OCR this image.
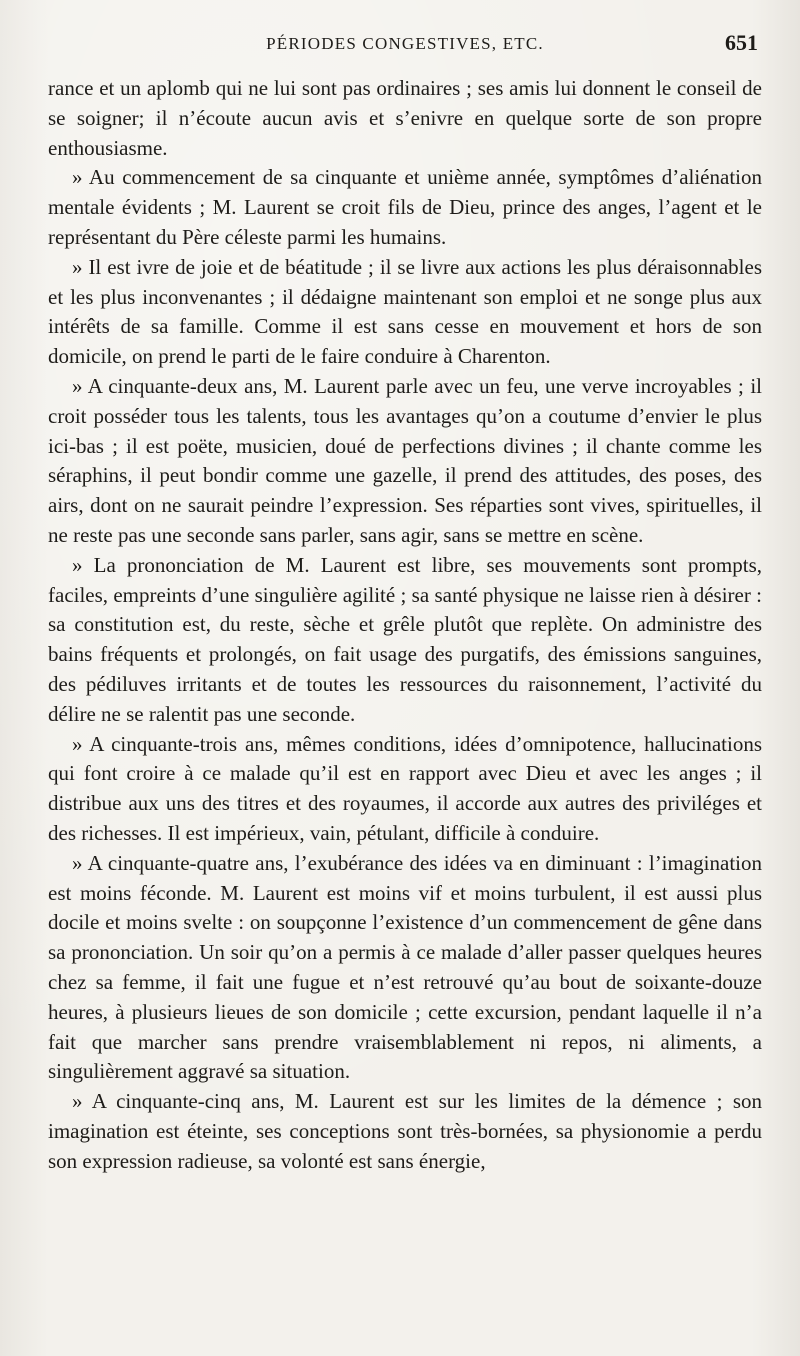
PÉRIODES CONGESTIVES, ETC.	651

rance et un aplomb qui ne lui sont pas ordinaires ; ses amis lui donnent le conseil de se soigner; il n’écoute aucun avis et s’enivre en quelque sorte de son propre enthousiasme.

» Au commencement de sa cinquante et unième année, symptômes d’aliénation mentale évidents ; M. Laurent se croit fils de Dieu, prince des anges, l’agent et le représentant du Père céleste parmi les humains.

» Il est ivre de joie et de béatitude ; il se livre aux actions les plus déraisonnables et les plus inconvenantes ; il dédaigne maintenant son emploi et ne songe plus aux intérêts de sa famille. Comme il est sans cesse en mouvement et hors de son domicile, on prend le parti de le faire conduire à Charenton.

» A cinquante-deux ans, M. Laurent parle avec un feu, une verve incroyables ; il croit posséder tous les talents, tous les avantages qu’on a coutume d’envier le plus ici-bas ; il est poëte, musicien, doué de perfections divines ; il chante comme les séraphins, il peut bondir comme une gazelle, il prend des attitudes, des poses, des airs, dont on ne saurait peindre l’expression. Ses réparties sont vives, spirituelles, il ne reste pas une seconde sans parler, sans agir, sans se mettre en scène.

» La prononciation de M. Laurent est libre, ses mouvements sont prompts, faciles, empreints d’une singulière agilité ; sa santé physique ne laisse rien à désirer : sa constitution est, du reste, sèche et grêle plutôt que replète. On administre des bains fréquents et prolongés, on fait usage des purgatifs, des émissions sanguines, des pédiluves irritants et de toutes les ressources du raisonnement, l’activité du délire ne se ralentit pas une seconde.

» A cinquante-trois ans, mêmes conditions, idées d’omnipotence, hallucinations qui font croire à ce malade qu’il est en rapport avec Dieu et avec les anges ; il distribue aux uns des titres et des royaumes, il accorde aux autres des priviléges et des richesses. Il est impérieux, vain, pétulant, difficile à conduire.

» A cinquante-quatre ans, l’exubérance des idées va en diminuant : l’imagination est moins féconde. M. Laurent est moins vif et moins turbulent, il est aussi plus docile et moins svelte : on soupçonne l’existence d’un commencement de gêne dans sa prononciation. Un soir qu’on a permis à ce malade d’aller passer quelques heures chez sa femme, il fait une fugue et n’est retrouvé qu’au bout de soixante-douze heures, à plusieurs lieues de son domicile ; cette excursion, pendant laquelle il n’a fait que marcher sans prendre vraisemblablement ni repos, ni aliments, a singulièrement aggravé sa situation.

» A cinquante-cinq ans, M. Laurent est sur les limites de la démence ; son imagination est éteinte, ses conceptions sont très-bornées, sa physionomie a perdu son expression radieuse, sa volonté est sans énergie,
